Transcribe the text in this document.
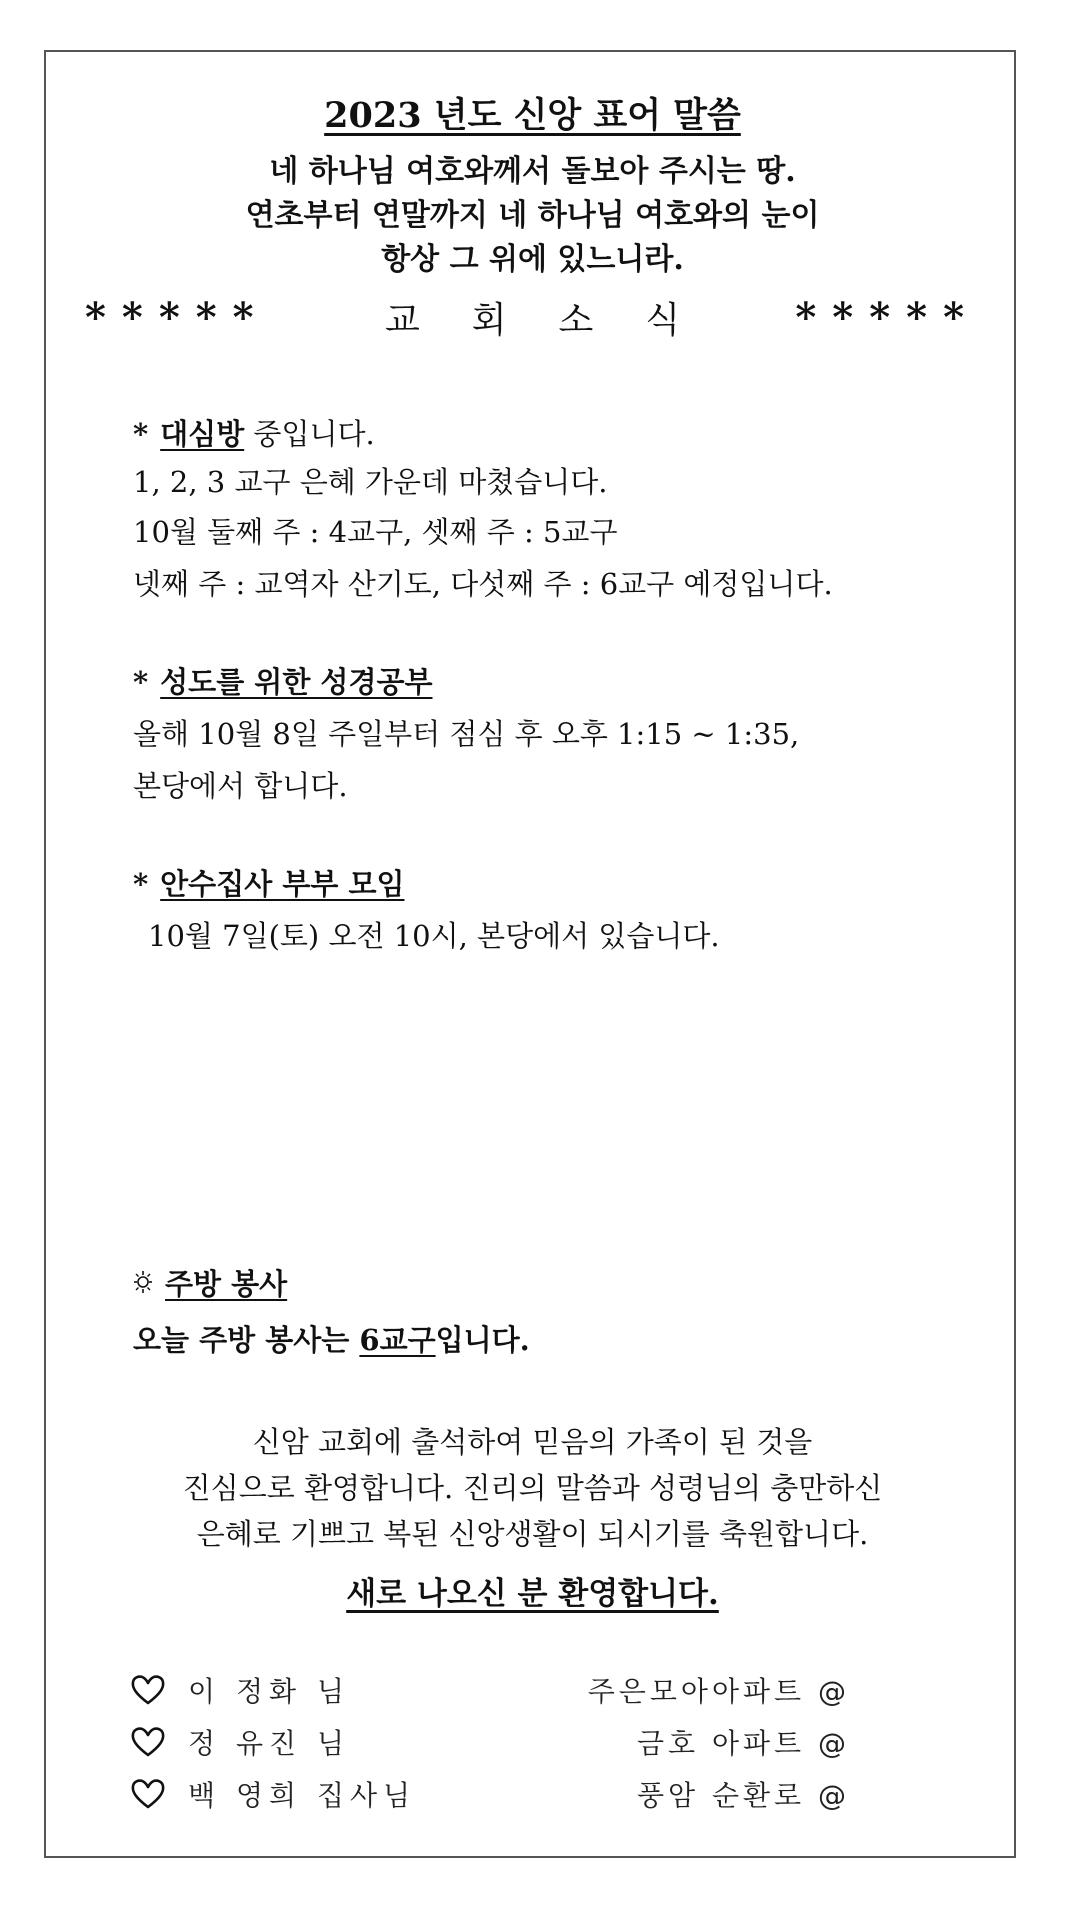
2023 년도 신앙 표어 말씀
네 하나님 여호와께서 돌보아 주시는 땅.
연초부터 연말까지 네 하나님 여호와의 눈이
항상 그 위에 있느니라.
*****	교회소식 *****
* 대심방 중입니다.
1, 2, 3 교구 은혜 가운데 마쳤습니다.
10월 둘째 주 : 4교구, 셋째 주 : 5교구
넷째 주 : 교역자 산기도, 다섯째 주 : 6교구 예정입니다.
* 성도를 위한 성경공부
올해 10월 8일 주일부터 점심 후 오후 1:15 ~ 1:35,
본당에서 합니다.
* 안수집사 부부 모임
10월 7일(토) 오전 10시, 본당에서 있습니다.
주방 봉사
오늘 주방 봉사는 6교구입니다.
신암 교회에 출석하여 믿음의 가족이 된 것을
진심으로 환영합니다. 진리의 말씀과 성령님의 충만하신
은혜로 기쁘고 복된 신앙생활이 되시기를 축원합니다.
새로 나오신 분 환영합니다.
이 정화 님	주은모아아파트 @
정 유진 님	금호 아파트 @
백 영희 집사님	풍암 순환로 @
